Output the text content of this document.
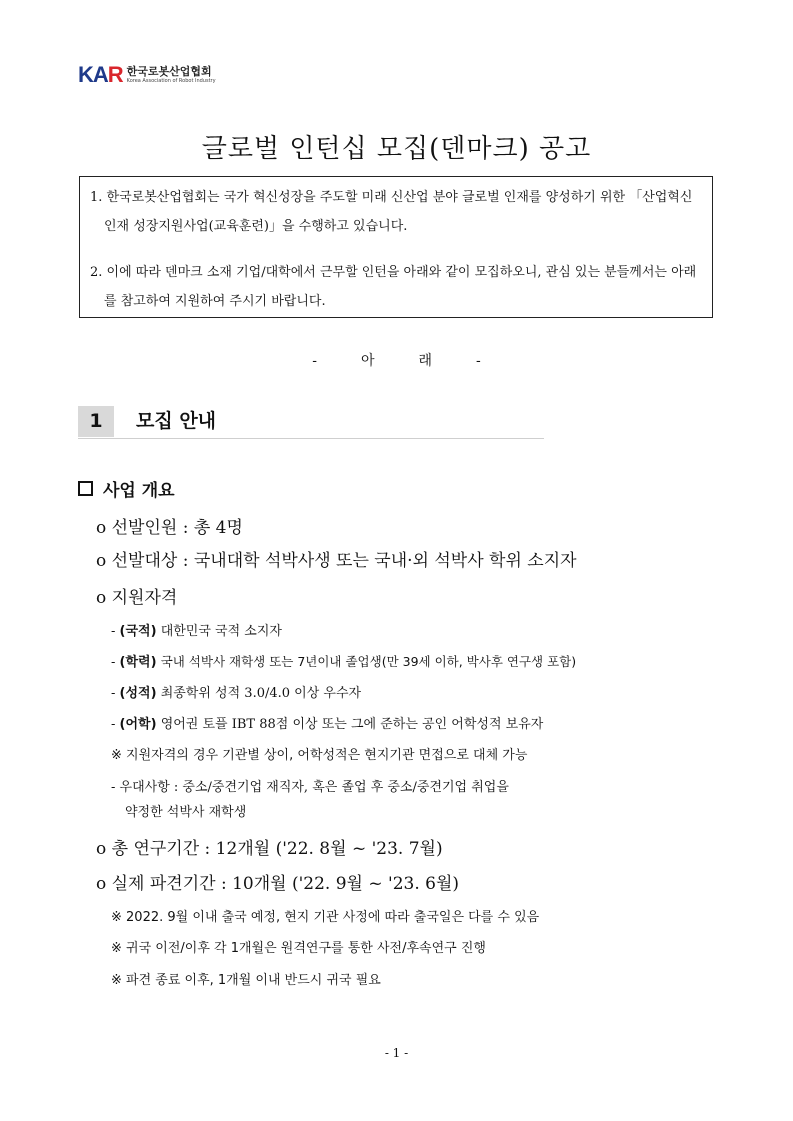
KAR 한국로봇산업협회
Korea Association of Robot Industry
글로벌 인턴십 모집(덴마크) 공고

1. 한국로봇산업협회는 국가 혁신성장을 주도할 미래 신산업 분야 글로벌 인재를 양성하기 위한 「산업혁신인재 성장지원사업(교육훈련)」을 수행하고 있습니다.

2. 이에 따라 덴마크 소재 기업/대학에서 근무할 인턴을 아래와 같이 모집하오니, 관심 있는 분들께서는 아래를 참고하여 지원하여 주시기 바랍니다.

-	아	래	-
1	모집 안내
사업 개요
o 선발인원 : 총 4명
o 선발대상 : 국내대학 석박사생 또는 국내·외 석박사 학위 소지자
o 지원자격
- (국적) 대한민국 국적 소지자
- (학력) 국내 석박사 재학생 또는 7년이내 졸업생(만 39세 이하, 박사후 연구생 포함)
- (성적) 최종학위 성적 3.0/4.0 이상 우수자
- (어학) 영어권 토플 IBT 88점 이상 또는 그에 준하는 공인 어학성적 보유자
※ 지원자격의 경우 기관별 상이, 어학성적은 현지기관 면접으로 대체 가능
- 우대사항 : 중소/중견기업 재직자, 혹은 졸업 후 중소/중견기업 취업을
약정한 석박사 재학생
o 총 연구기간 : 12개월 ('22. 8월 ~ '23. 7월)
o 실제 파견기간 : 10개월 ('22. 9월 ~ '23. 6월)
※ 2022. 9월 이내 출국 예정, 현지 기관 사정에 따라 출국일은 다를 수 있음
※ 귀국 이전/이후 각 1개월은 원격연구를 통한 사전/후속연구 진행
※ 파견 종료 이후, 1개월 이내 반드시 귀국 필요
- 1 -
